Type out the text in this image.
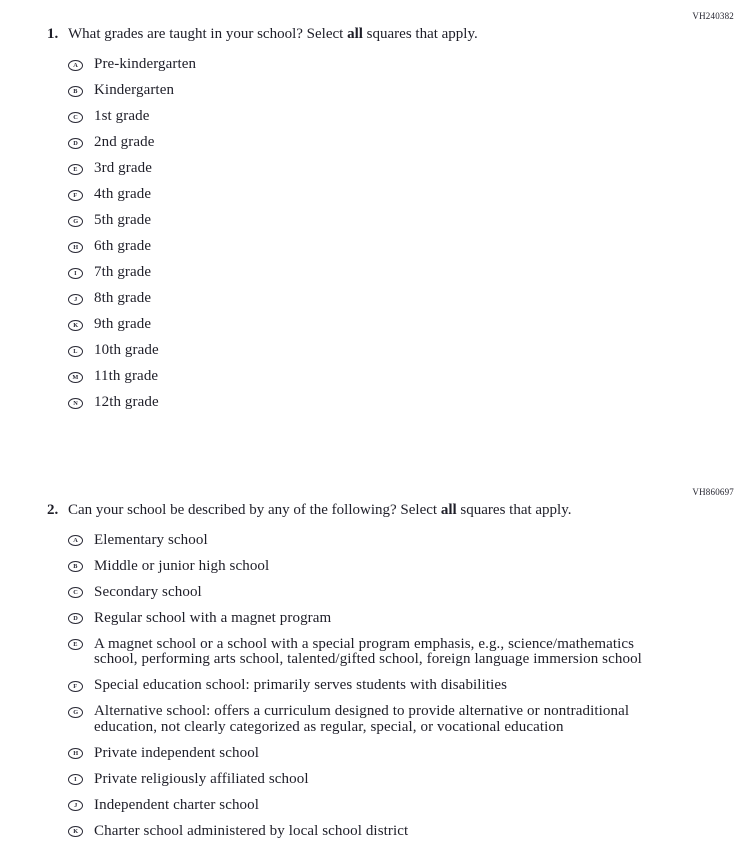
VH240382
1. What grades are taught in your school? Select all squares that apply.

A Pre-kindergarten
B Kindergarten
C 1st grade
D 2nd grade
E 3rd grade
F 4th grade
G 5th grade
H 6th grade
I 7th grade
J 8th grade
K 9th grade
L 10th grade
M 11th grade
N 12th grade
VH860697
2. Can your school be described by any of the following? Select all squares that apply.

A Elementary school
B Middle or junior high school
C Secondary school
D Regular school with a magnet program
E A magnet school or a school with a special program emphasis, e.g., science/mathematics school, performing arts school, talented/gifted school, foreign language immersion school
F Special education school: primarily serves students with disabilities
G Alternative school: offers a curriculum designed to provide alternative or nontraditional education, not clearly categorized as regular, special, or vocational education
H Private independent school
I Private religiously affiliated school
J Independent charter school
K Charter school administered by local school district
